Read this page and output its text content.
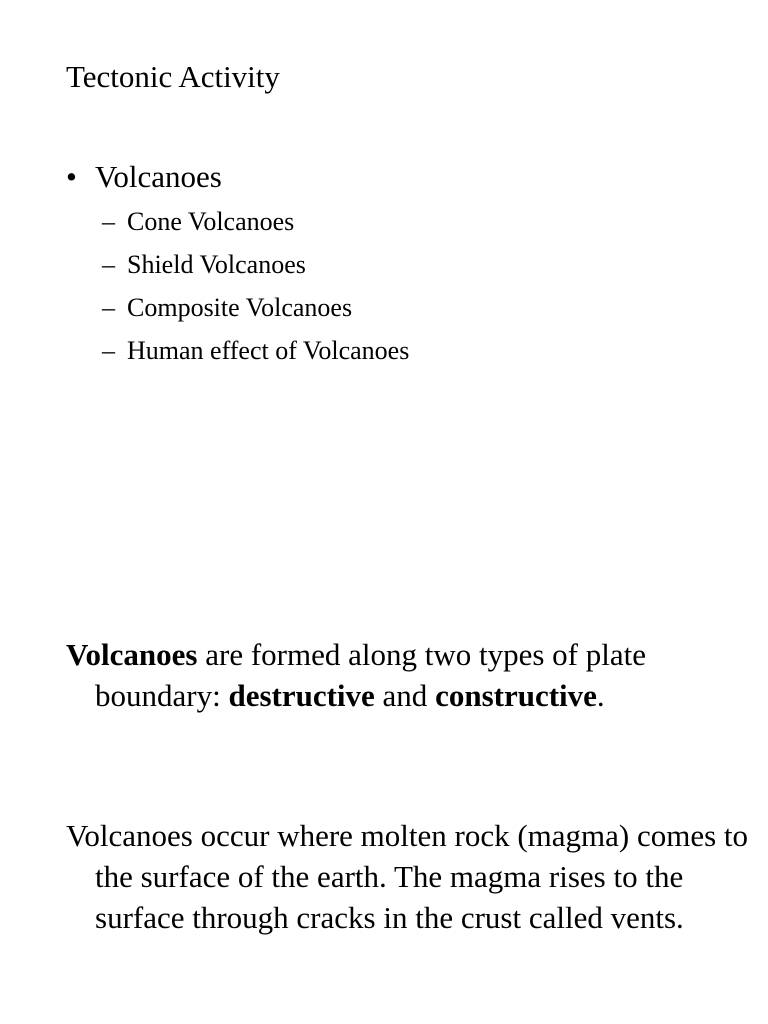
Tectonic Activity
• Volcanoes
– Cone Volcanoes
– Shield Volcanoes
– Composite Volcanoes
– Human effect of Volcanoes

Volcanoes are formed along two types of plate boundary: destructive and constructive.

Volcanoes occur where molten rock (magma) comes to the surface of the earth. The magma rises to the surface through cracks in the crust called vents.
